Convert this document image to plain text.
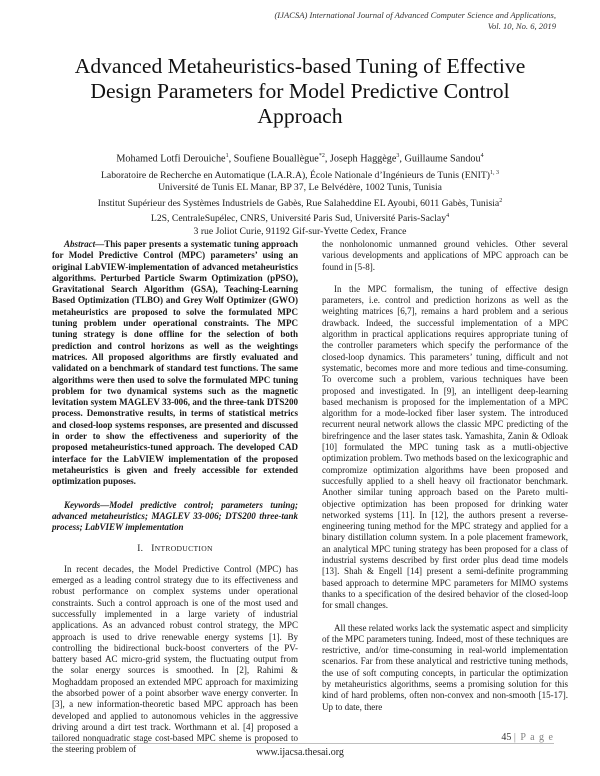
(IJACSA) International Journal of Advanced Computer Science and Applications,
Vol. 10, No. 6, 2019
Advanced Metaheuristics-based Tuning of Effective
Design Parameters for Model Predictive Control
Approach
Mohamed Lotfi Derouiche$^1$, Soufiene Bouallègue$^{*2}$, Joseph Haggège$^3$, Guillaume Sandou$^4$
Laboratoire de Recherche en Automatique (LA.R.A), École Nationale d’Ingénieurs de Tunis (ENIT)$^{1, 3}$
Université de Tunis EL Manar, BP 37, Le Belvédère, 1002 Tunis, Tunisia
Institut Supérieur des Systèmes Industriels de Gabès, Rue Salaheddine EL Ayoubi, 6011 Gabès, Tunisia$^2$
L2S, CentraleSupélec, CNRS, Université Paris Sud, Université Paris-Saclay$^4$
3 rue Joliot Curie, 91192 Gif-sur-Yvette Cedex, France

Abstract—This paper presents a systematic tuning approach for Model Predictive Control (MPC) parameters’ using an original LabVIEW-implementation of advanced metaheuristics algorithms. Perturbed Particle Swarm Optimization (pPSO), Gravitational Search Algorithm (GSA), Teaching-Learning Based Optimization (TLBO) and Grey Wolf Optimizer (GWO) metaheuristics are proposed to solve the formulated MPC tuning problem under operational constraints. The MPC tuning strategy is done offline for the selection of both prediction and control horizons as well as the weightings matrices. All proposed algorithms are firstly evaluated and validated on a benchmark of standard test functions. The same algorithms were then used to solve the formulated MPC tuning problem for two dynamical systems such as the magnetic levitation system MAGLEV 33-006, and the three-tank DTS200 process. Demonstrative results, in terms of statistical metrics and closed-loop systems responses, are presented and discussed in order to show the effectiveness and superiority of the proposed metaheuristics-tuned approach. The developed CAD interface for the LabVIEW implementation of the proposed metaheuristics is given and freely accessible for extended optimization puposes.

Keywords—Model predictive control; parameters tuning; advanced metaheuristics; MAGLEV 33-006; DTS200 three-tank process; LabVIEW implementation

I. INTRODUCTION

In recent decades, the Model Predictive Control (MPC) has emerged as a leading control strategy due to its effectiveness and robust performance on complex systems under operational constraints. Such a control approach is one of the most used and successfully implemented in a large variety of industrial applications. As an advanced robust control strategy, the MPC approach is used to drive renewable energy systems [1]. By controlling the bidirectional buck-boost converters of the PV-battery based AC micro-grid system, the fluctuating output from the solar energy sources is smoothed. In [2], Rahimi & Moghaddam proposed an extended MPC approach for maximizing the absorbed power of a point absorber wave energy converter. In [3], a new information-theoretic based MPC approach has been developed and applied to autonomous vehicles in the aggressive driving around a dirt test track. Worthmann et al. [4] proposed a tailored nonquadratic stage cost-based MPC sheme is proposed to the steering problem of

the nonholonomic unmanned ground vehicles. Other several various developments and applications of MPC approach can be found in [5-8].

In the MPC formalism, the tuning of effective design parameters, i.e. control and prediction horizons as well as the weighting matrices [6,7], remains a hard problem and a serious drawback. Indeed, the successful implementation of a MPC algorithm in practical applications requires appropriate tuning of the controller parameters which specify the performance of the closed-loop dynamics. This parameters’ tuning, difficult and not systematic, becomes more and more tedious and time-consuming. To overcome such a problem, various techniques have been proposed and investigated. In [9], an intelligent deep-learning based mechanism is proposed for the implementation of a MPC algorithm for a mode-locked fiber laser system. The introduced recurrent neural network allows the classic MPC predicting of the birefringence and the laser states task. Yamashita, Zanin & Odloak [10] formulated the MPC tuning task as a mutli-objective optimization problem. Two methods based on the lexicographic and compromize optimization algorithms have been proposed and succesfully applied to a shell heavy oil fractionator benchmark. Another similar tuning approach based on the Pareto multi-objective optimization has been proposed for drinking water networked systems [11]. In [12], the authors present a reverse-engineering tuning method for the MPC strategy and applied for a binary distillation column system. In a pole placement framework, an analytical MPC tuning strategy has been proposed for a class of industrial systems described by first order plus dead time models [13]. Shah & Engell [14] present a semi-definite programming based approach to determine MPC parameters for MIMO systems thanks to a specification of the desired behavior of the closed-loop for small changes.

All these related works lack the systematic aspect and simplicity of the MPC parameters tuning. Indeed, most of these techniques are restrictive, and/or time-consuming in real-world implementation scenarios. Far from these analytical and restrictive tuning methods, the use of soft computing concepts, in particular the optimization by metaheuristics algorithms, seems a promising solution for this kind of hard problems, often non-convex and non-smooth [15-17]. Up to date, there

45 | P a g e
www.ijacsa.thesai.org
